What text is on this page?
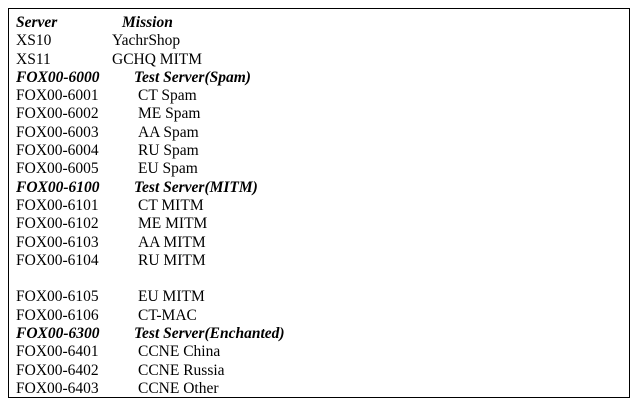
Server	Mission
XS10	YachrShop
XS11	GCHQ MITM
FOX00-6000 Test Server(Spam)
FOX00-6001	CT Spam
FOX00-6002	ME Spam
FOX00-6003	AA Spam
FOX00-6004	RU Spam
FOX00-6005	EU Spam
FOX00-6100 Test Server(MITM)
FOX00-6101	CT MITM
FOX00-6102	ME MITM
FOX00-6103	AA MITM
FOX00-6104	RU MITM
FOX00-6105	EU MITM
FOX00-6106	CT-MAC
FOX00-6300 Test Server(Enchanted)
FOX00-6401	CCNE China
FOX00-6402	CCNE Russia
FOX00-6403	CCNE Other
